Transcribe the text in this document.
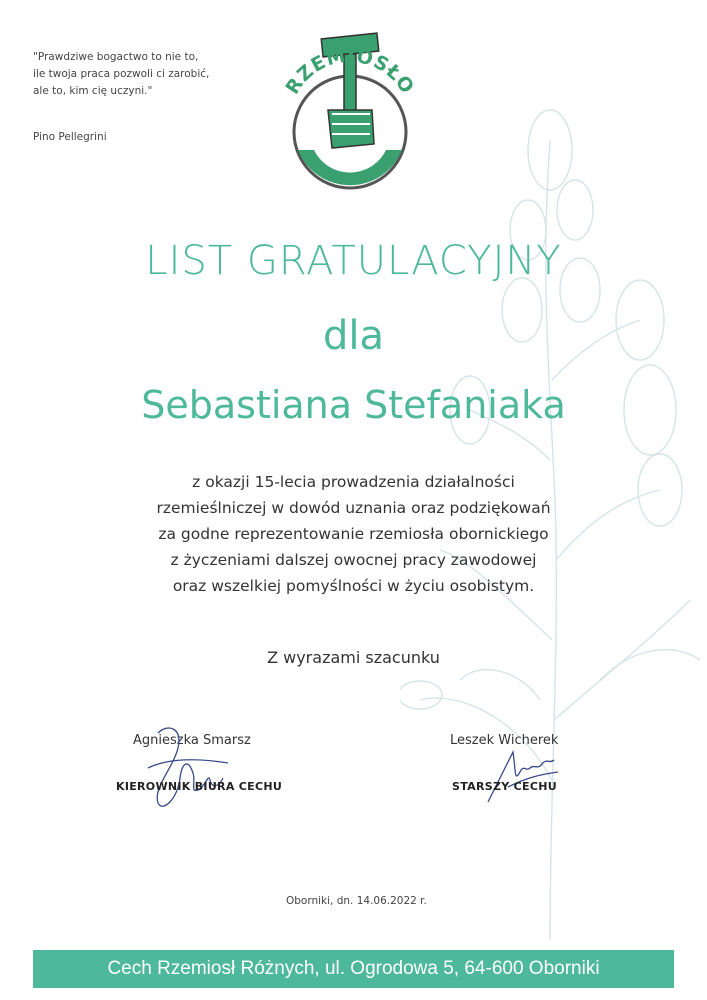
"Prawdziwe bogactwo to nie to,
ile twoja praca pozwoli ci zarobić,
ale to, kim cię uczyni."
Pino Pellegrini
RZEMIOSŁO
LIST GRATULACYJNY
dla
Sebastiana Stefaniaka
z okazji 15-lecia prowadzenia działalności
rzemieślniczej w dowód uznania oraz podziękowań
za godne reprezentowanie rzemiosła obornickiego
z życzeniami dalszej owocnej pracy zawodowej
oraz wszelkiej pomyślności w życiu osobistym.
Z wyrazami szacunku
Agnieszka Smarsz
KIEROWNIK BIURA CECHU
Leszek Wicherek
STARSZY CECHU
Oborniki, dn. 14.06.2022 r.
Cech Rzemiosł Różnych, ul. Ogrodowa 5, 64-600 Oborniki
